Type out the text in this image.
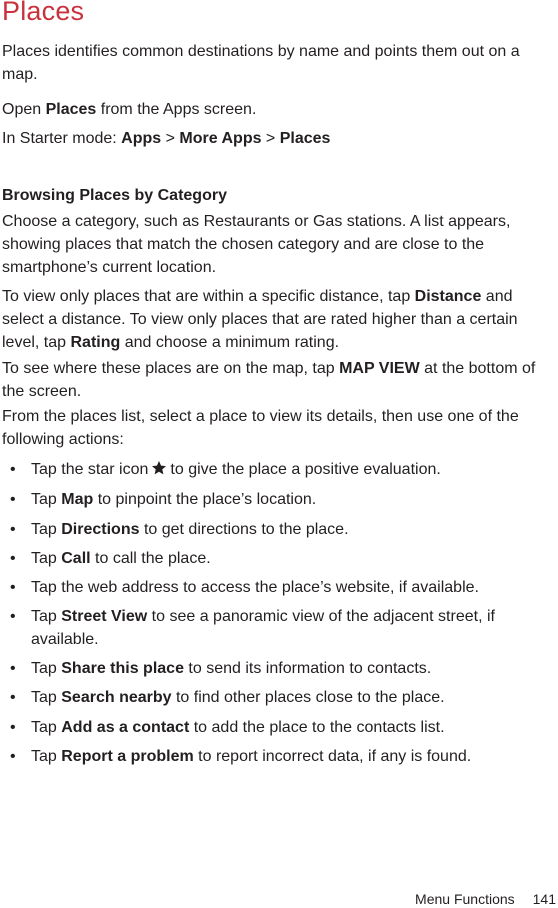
Places

Places identifies common destinations by name and points them out on a map.

Open Places from the Apps screen.

In Starter mode: Apps > More Apps > Places

Browsing Places by Category

Choose a category, such as Restaurants or Gas stations. A list appears, showing places that match the chosen category and are close to the smartphone’s current location.

To view only places that are within a specific distance, tap Distance and select a distance. To view only places that are rated higher than a certain level, tap Rating and choose a minimum rating.

To see where these places are on the map, tap MAP VIEW at the bottom of the screen.

From the places list, select a place to view its details, then use one of the following actions:

• Tap the star icon to give the place a positive evaluation.
• Tap Map to pinpoint the place’s location.
• Tap Directions to get directions to the place.
• Tap Call to call the place.
• Tap the web address to access the place’s website, if available.
• Tap Street View to see a panoramic view of the adjacent street, if available.
• Tap Share this place to send its information to contacts.
• Tap Search nearby to find other places close to the place.
• Tap Add as a contact to add the place to the contacts list.
• Tap Report a problem to report incorrect data, if any is found.
Menu Functions 141
